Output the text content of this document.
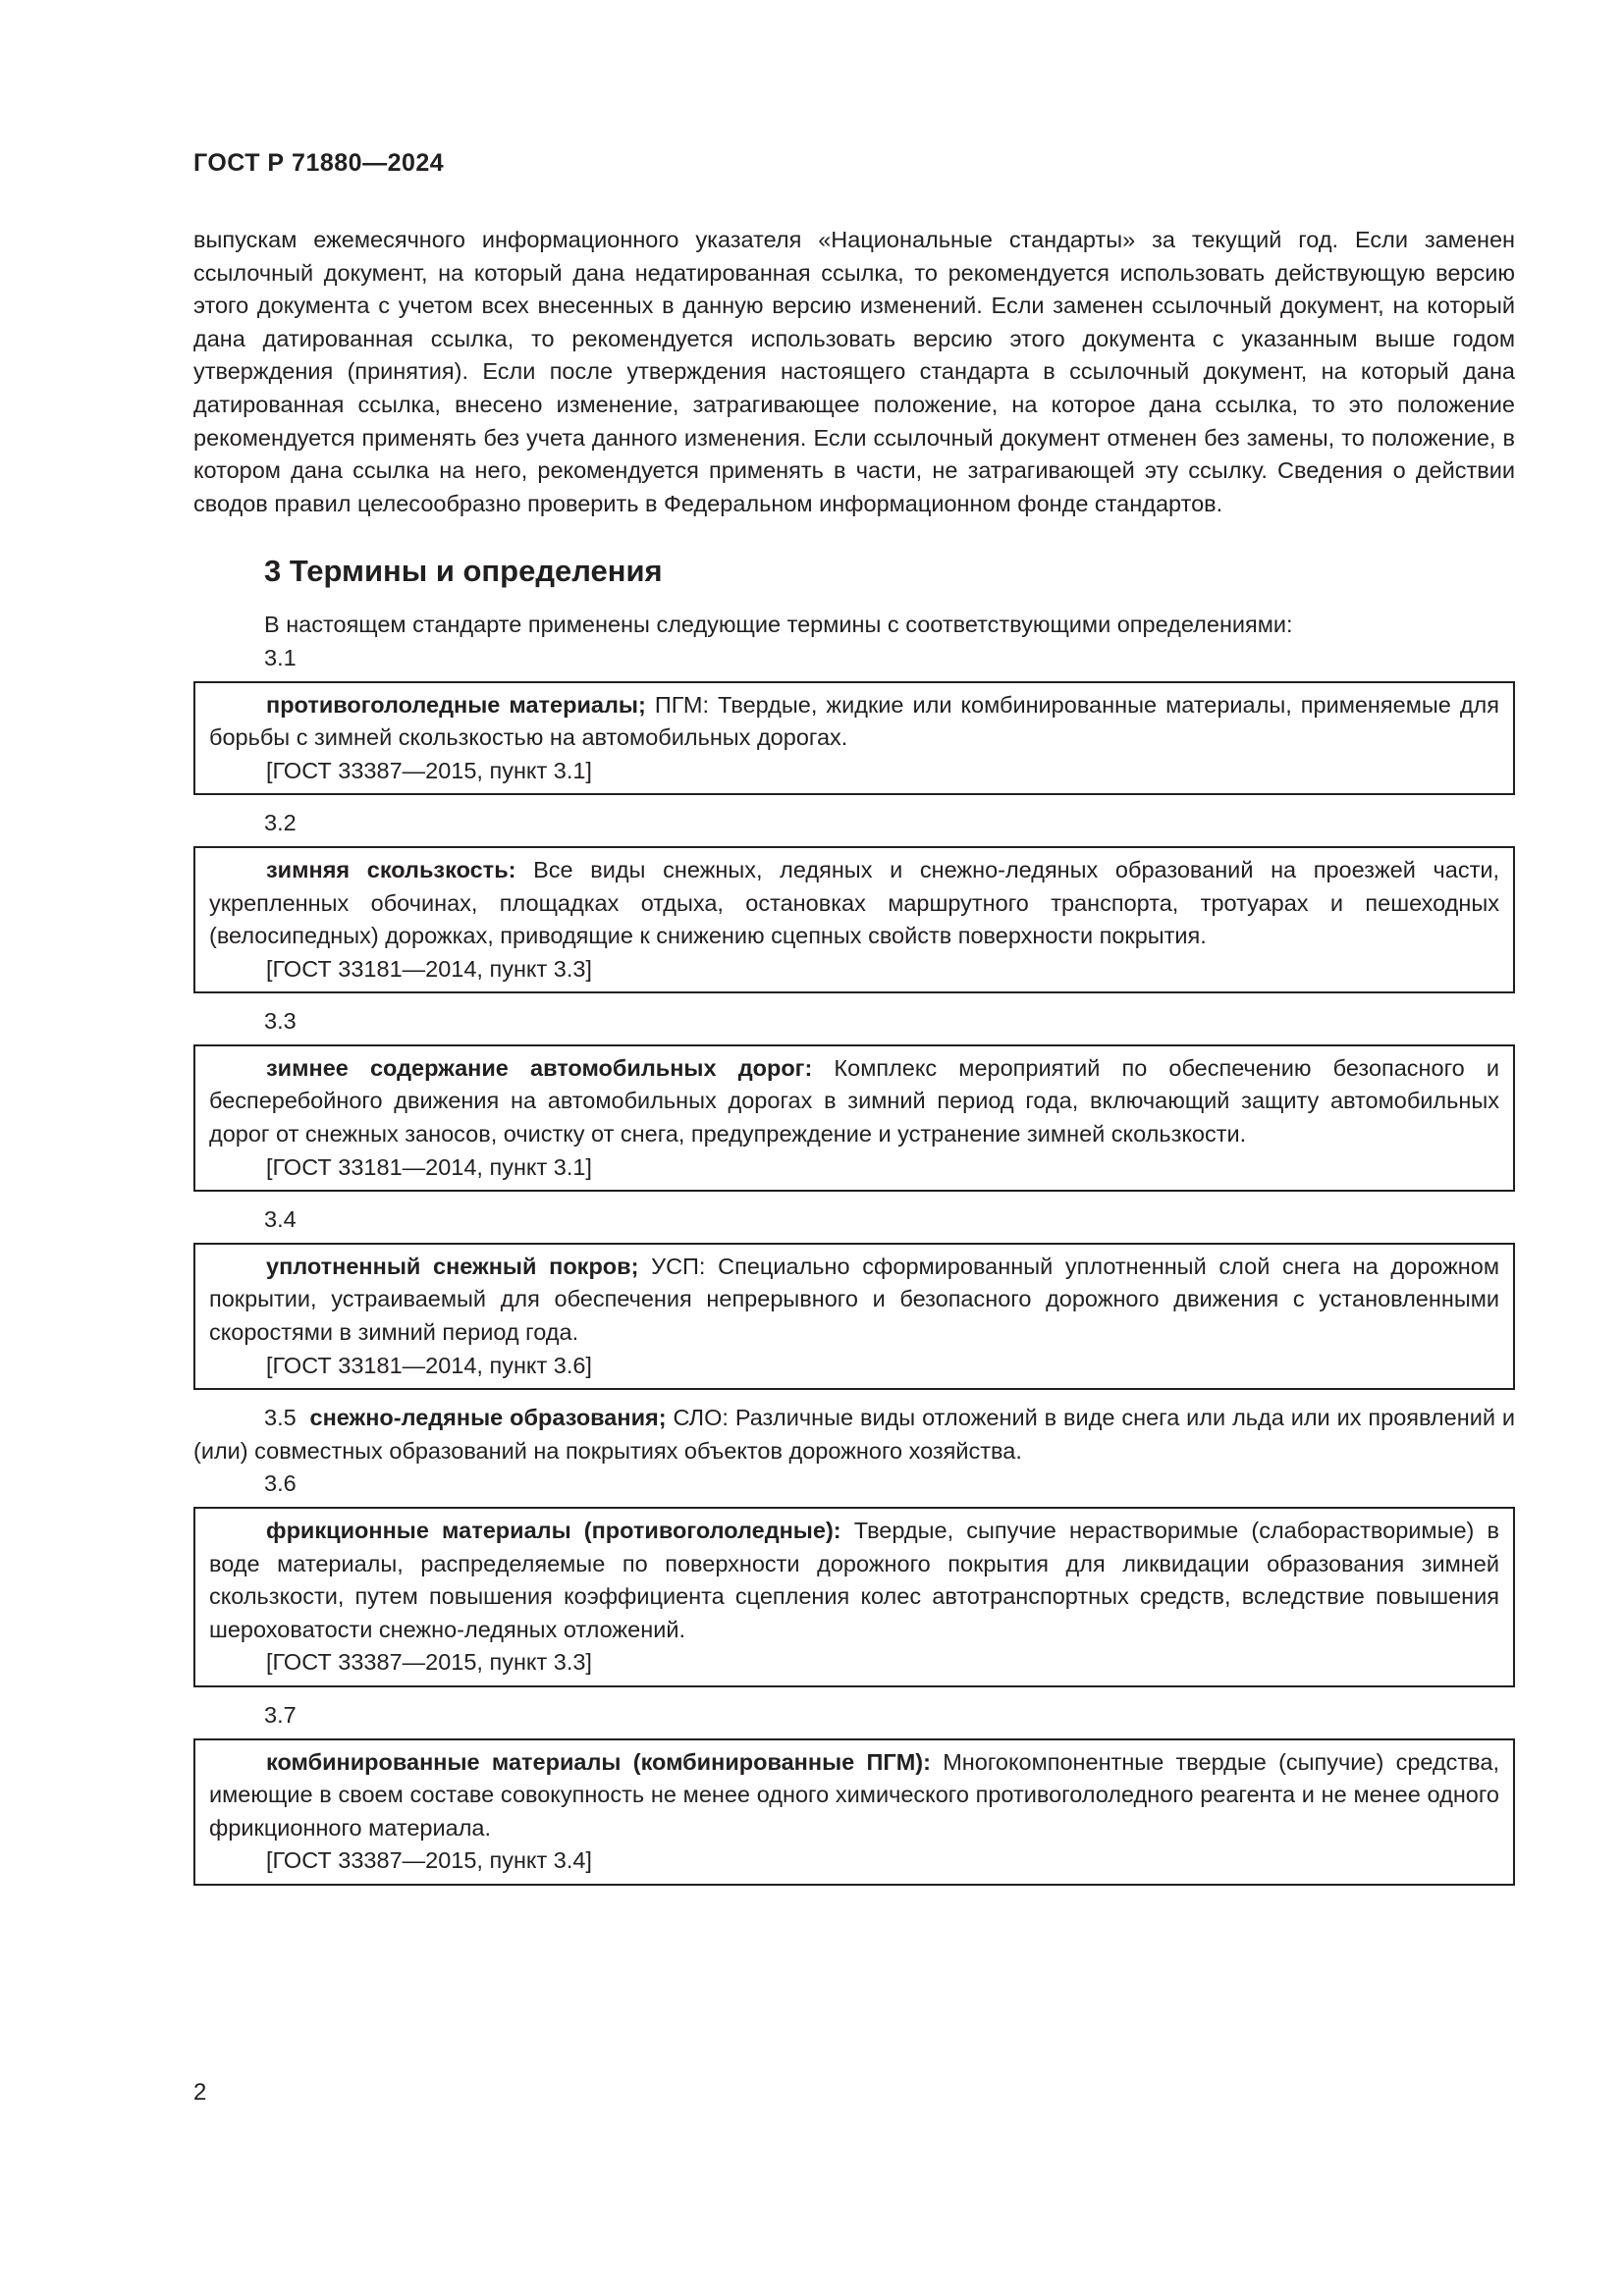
ГОСТ Р 71880—2024

выпускам ежемесячного информационного указателя «Национальные стандарты» за текущий год. Если заменен ссылочный документ, на который дана недатированная ссылка, то рекомендуется использовать действующую версию этого документа с учетом всех внесенных в данную версию изменений. Если заменен ссылочный документ, на который дана датированная ссылка, то рекомендуется использовать версию этого документа с указанным выше годом утверждения (принятия). Если после утверждения настоящего стандарта в ссылочный документ, на который дана датированная ссылка, внесено изменение, затрагивающее положение, на которое дана ссылка, то это положение рекомендуется применять без учета данного изменения. Если ссылочный документ отменен без замены, то положение, в котором дана ссылка на него, рекомендуется применять в части, не затрагивающей эту ссылку. Сведения о действии сводов правил целесообразно проверить в Федеральном информационном фонде стандартов.

3 Термины и определения

В настоящем стандарте применены следующие термины с соответствующими определениями:

3.1
противогололедные материалы; ПГМ: Твердые, жидкие или комбинированные материалы, применяемые для борьбы с зимней скользкостью на автомобильных дорогах.
[ГОСТ 33387—2015, пункт 3.1]
3.2
зимняя скользкость: Все виды снежных, ледяных и снежно-ледяных образований на проезжей части, укрепленных обочинах, площадках отдыха, остановках маршрутного транспорта, тротуарах и пешеходных (велосипедных) дорожках, приводящие к снижению сцепных свойств поверхности покрытия.
[ГОСТ 33181—2014, пункт 3.3]
3.3
зимнее содержание автомобильных дорог: Комплекс мероприятий по обеспечению безопасного и бесперебойного движения на автомобильных дорогах в зимний период года, включающий защиту автомобильных дорог от снежных заносов, очистку от снега, предупреждение и устранение зимней скользкости.
[ГОСТ 33181—2014, пункт 3.1]
3.4
уплотненный снежный покров; УСП: Специально сформированный уплотненный слой снега на дорожном покрытии, устраиваемый для обеспечения непрерывного и безопасного дорожного движения с установленными скоростями в зимний период года.
[ГОСТ 33181—2014, пункт 3.6]

3.5 снежно-ледяные образования; СЛО: Различные виды отложений в виде снега или льда или их проявлений и (или) совместных образований на покрытиях объектов дорожного хозяйства.

3.6
фрикционные материалы (противогололедные): Твердые, сыпучие нерастворимые (слаборастворимые) в воде материалы, распределяемые по поверхности дорожного покрытия для ликвидации образования зимней скользкости, путем повышения коэффициента сцепления колес автотранспортных средств, вследствие повышения шероховатости снежно-ледяных отложений.
[ГОСТ 33387—2015, пункт 3.3]
3.7
комбинированные материалы (комбинированные ПГМ): Многокомпонентные твердые (сыпучие) средства, имеющие в своем составе совокупность не менее одного химического противогололедного реагента и не менее одного фрикционного материала.
[ГОСТ 33387—2015, пункт 3.4]
2
